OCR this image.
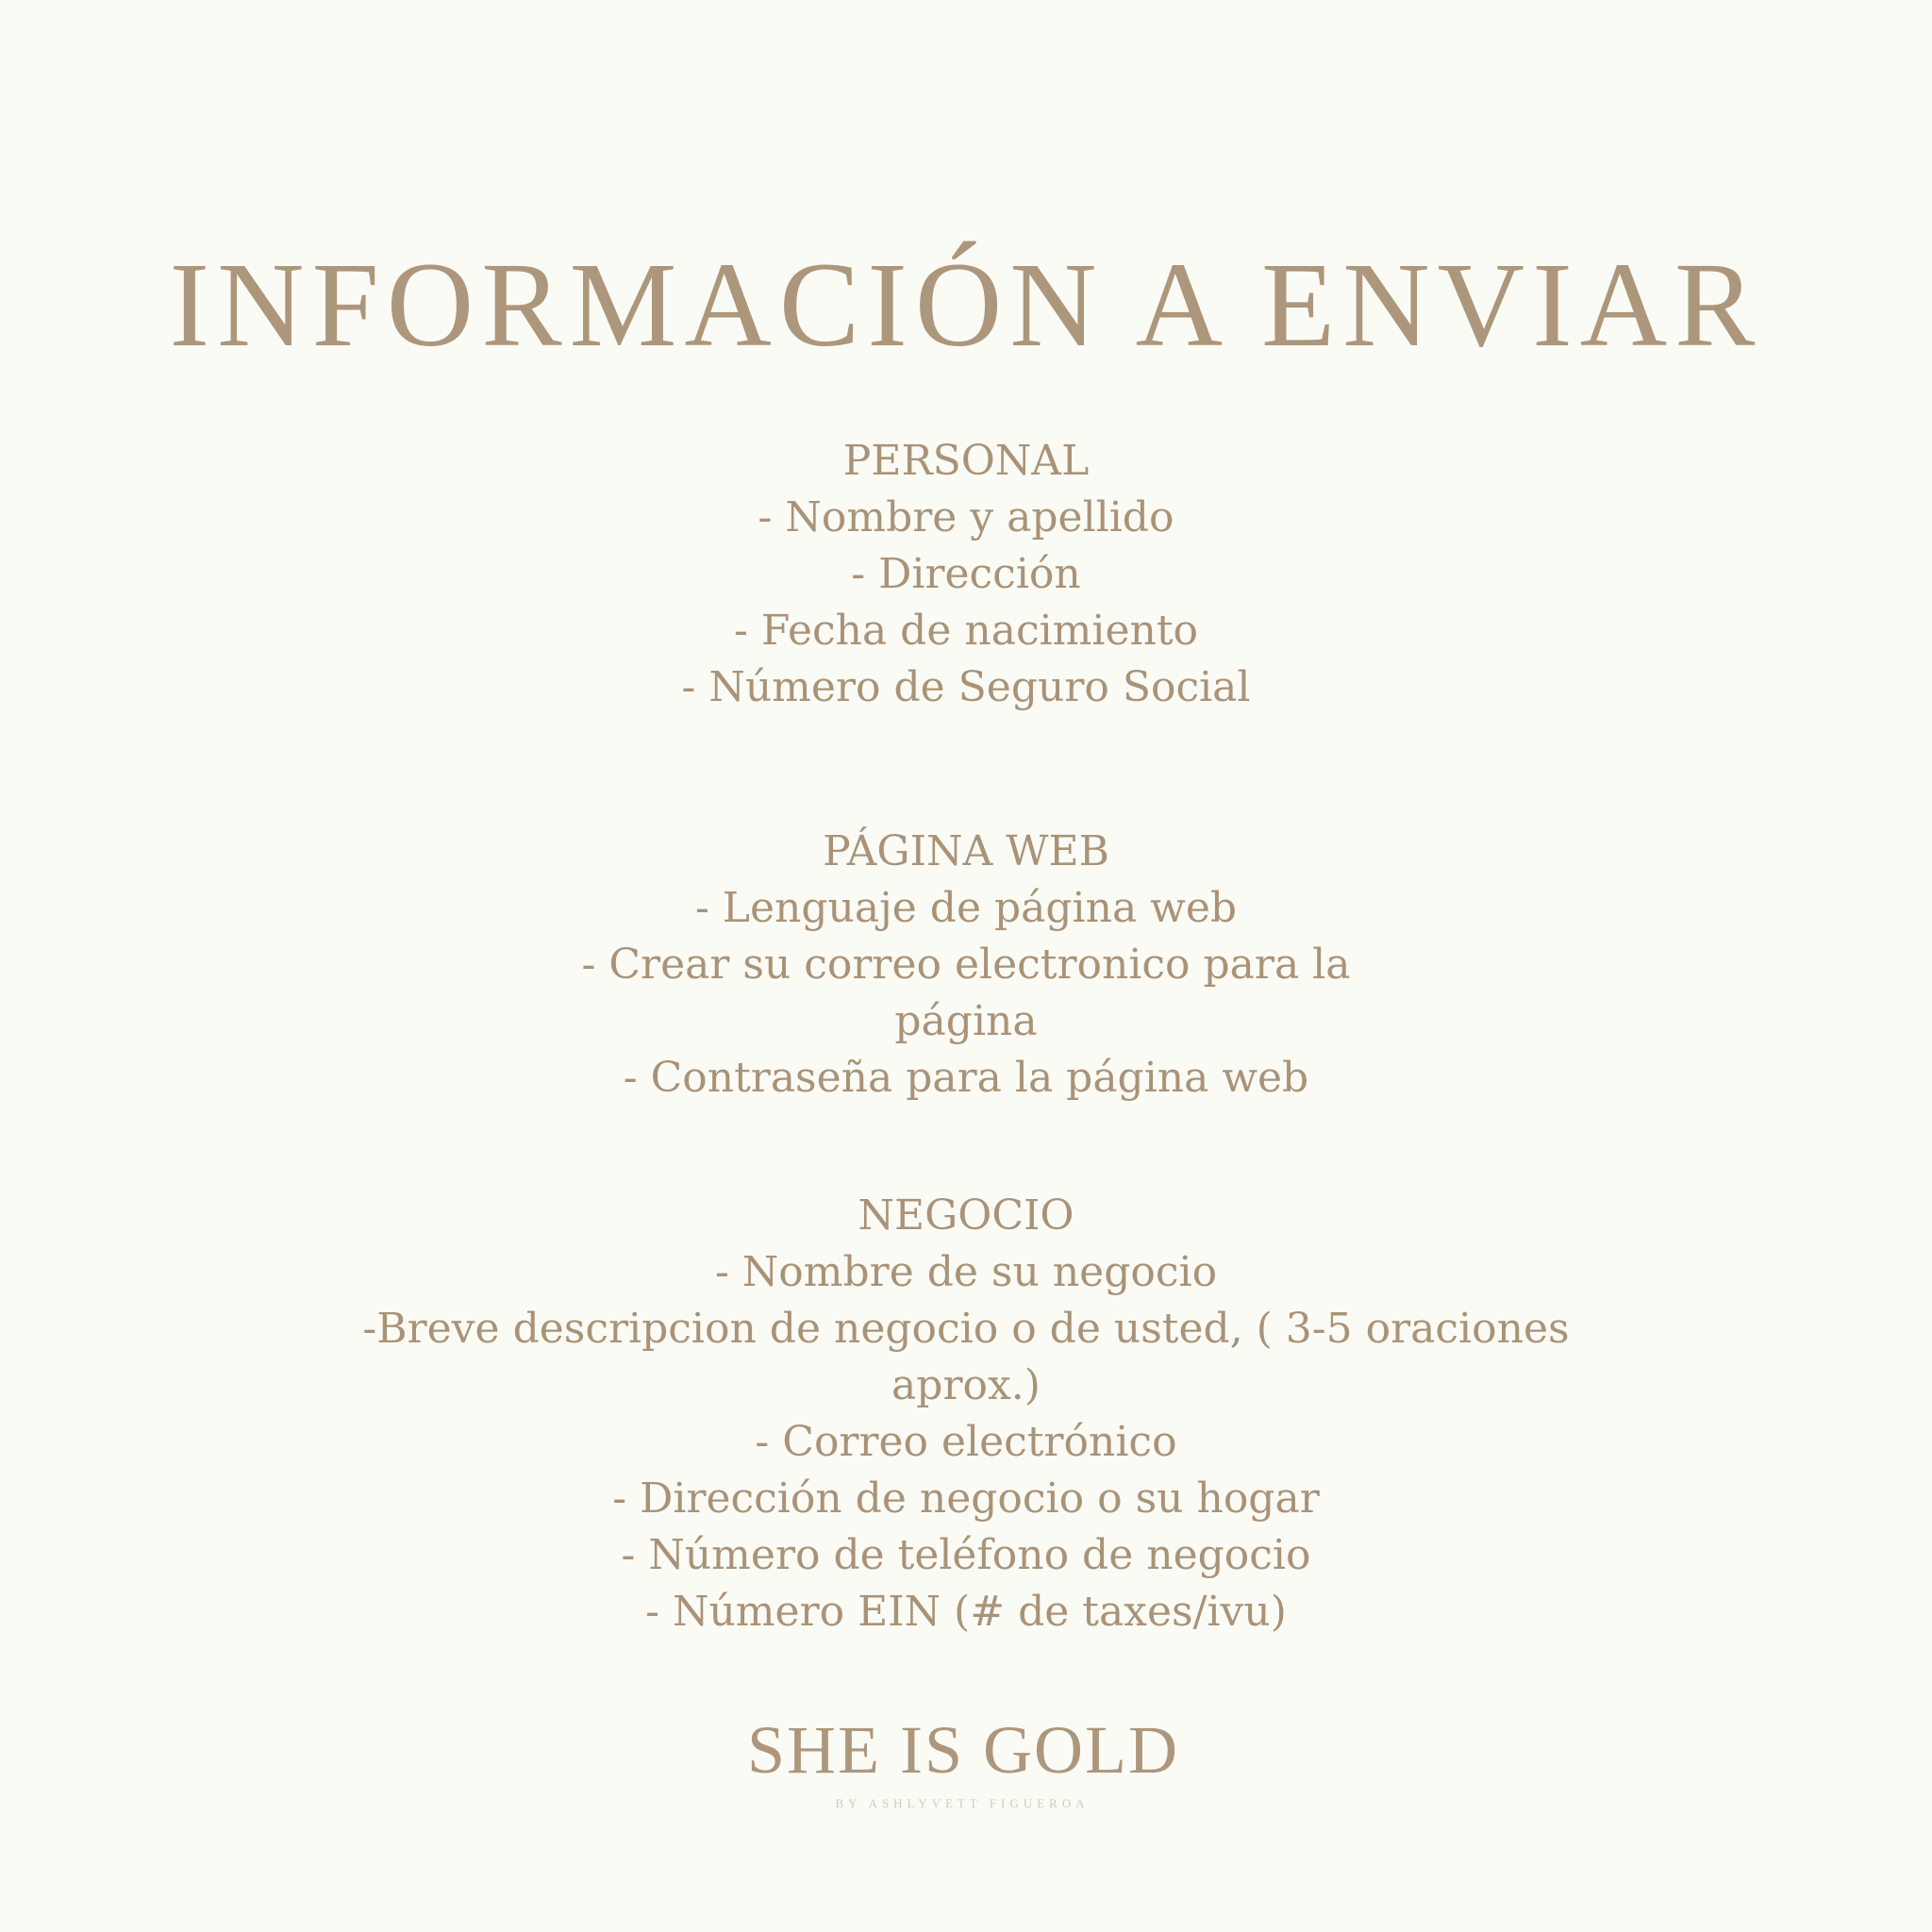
INFORMACIÓN A ENVIAR
PERSONAL
- Nombre y apellido
- Dirección
- Fecha de nacimiento
- Número de Seguro Social
PÁGINA WEB
- Lenguaje de página web
- Crear su correo electronico para la
página
- Contraseña para la página web
NEGOCIO
- Nombre de su negocio
-Breve descripcion de negocio o de usted, ( 3-5 oraciones
aprox.)
- Correo electrónico
- Dirección de negocio o su hogar
- Número de teléfono de negocio
- Número EIN (# de taxes/ivu)
SHE IS GOLD
BY ASHLYVETT FIGUEROA
